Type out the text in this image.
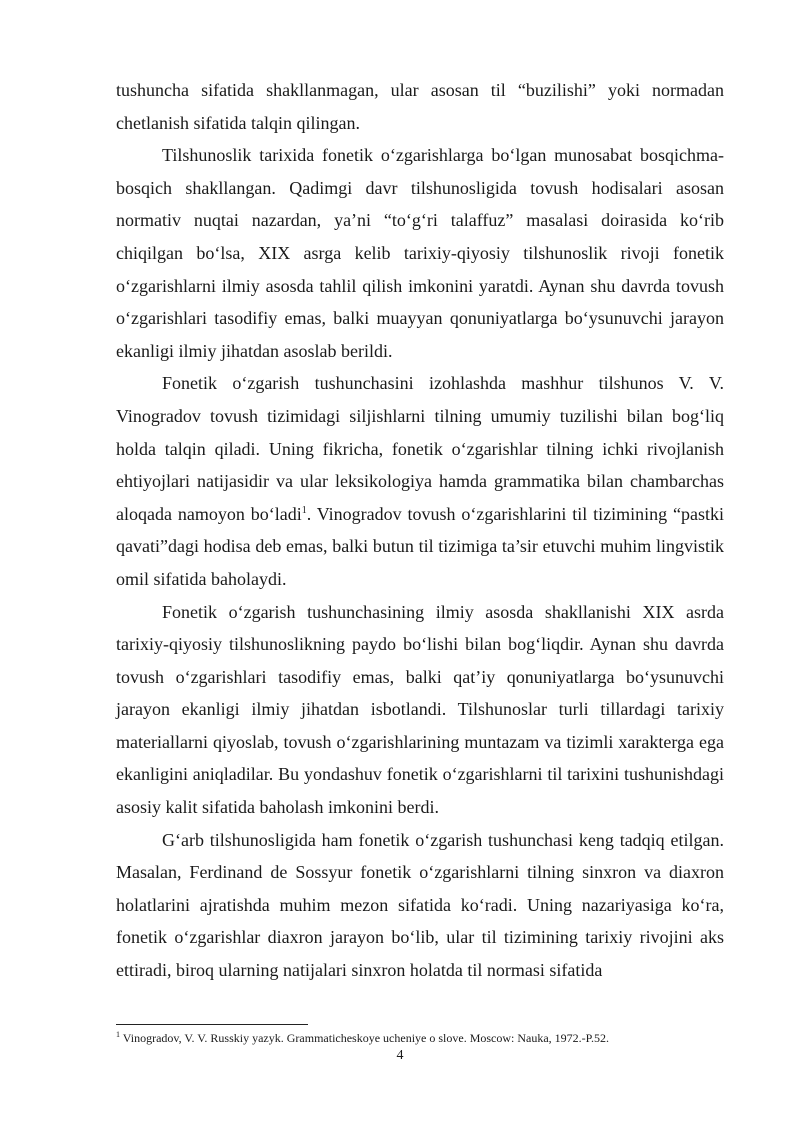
tushuncha sifatida shakllanmagan, ular asosan til “buzilishi” yoki normadan chetlanish sifatida talqin qilingan.

Tilshunoslik tarixida fonetik o‘zgarishlarga bo‘lgan munosabat bosqichma-bosqich shakllangan. Qadimgi davr tilshunosligida tovush hodisalari asosan normativ nuqtai nazardan, ya’ni “to‘g‘ri talaffuz” masalasi doirasida ko‘rib chiqilgan bo‘lsa, XIX asrga kelib tarixiy-qiyosiy tilshunoslik rivoji fonetik o‘zgarishlarni ilmiy asosda tahlil qilish imkonini yaratdi. Aynan shu davrda tovush o‘zgarishlari tasodifiy emas, balki muayyan qonuniyatlarga bo‘ysunuvchi jarayon ekanligi ilmiy jihatdan asoslab berildi.

Fonetik o‘zgarish tushunchasini izohlashda mashhur tilshunos V. V. Vinogradov tovush tizimidagi siljishlarni tilning umumiy tuzilishi bilan bog‘liq holda talqin qiladi. Uning fikricha, fonetik o‘zgarishlar tilning ichki rivojlanish ehtiyojlari natijasidir va ular leksikologiya hamda grammatika bilan chambarchas aloqada namoyon bo‘ladi$^1$. Vinogradov tovush o‘zgarishlarini til tizimining “pastki qavati”dagi hodisa deb emas, balki butun til tizimiga ta’sir etuvchi muhim lingvistik omil sifatida baholaydi.

Fonetik o‘zgarish tushunchasining ilmiy asosda shakllanishi XIX asrda tarixiy-qiyosiy tilshunoslikning paydo bo‘lishi bilan bog‘liqdir. Aynan shu davrda tovush o‘zgarishlari tasodifiy emas, balki qat’iy qonuniyatlarga bo‘ysunuvchi jarayon ekanligi ilmiy jihatdan isbotlandi. Tilshunoslar turli tillardagi tarixiy materiallarni qiyoslab, tovush o‘zgarishlarining muntazam va tizimli xarakterga ega ekanligini aniqladilar. Bu yondashuv fonetik o‘zgarishlarni til tarixini tushunishdagi asosiy kalit sifatida baholash imkonini berdi.

G‘arb tilshunosligida ham fonetik o‘zgarish tushunchasi keng tadqiq etilgan. Masalan, Ferdinand de Sossyur fonetik o‘zgarishlarni tilning sinxron va diaxron holatlarini ajratishda muhim mezon sifatida ko‘radi. Uning nazariyasiga ko‘ra, fonetik o‘zgarishlar diaxron jarayon bo‘lib, ular til tizimining tarixiy rivojini aks ettiradi, biroq ularning natijalari sinxron holatda til normasi sifatida

$^1$ Vinogradov, V. V. Russkiy yazyk. Grammaticheskoye ucheniye o slove. Moscow: Nauka, 1972.-P.52.
4
